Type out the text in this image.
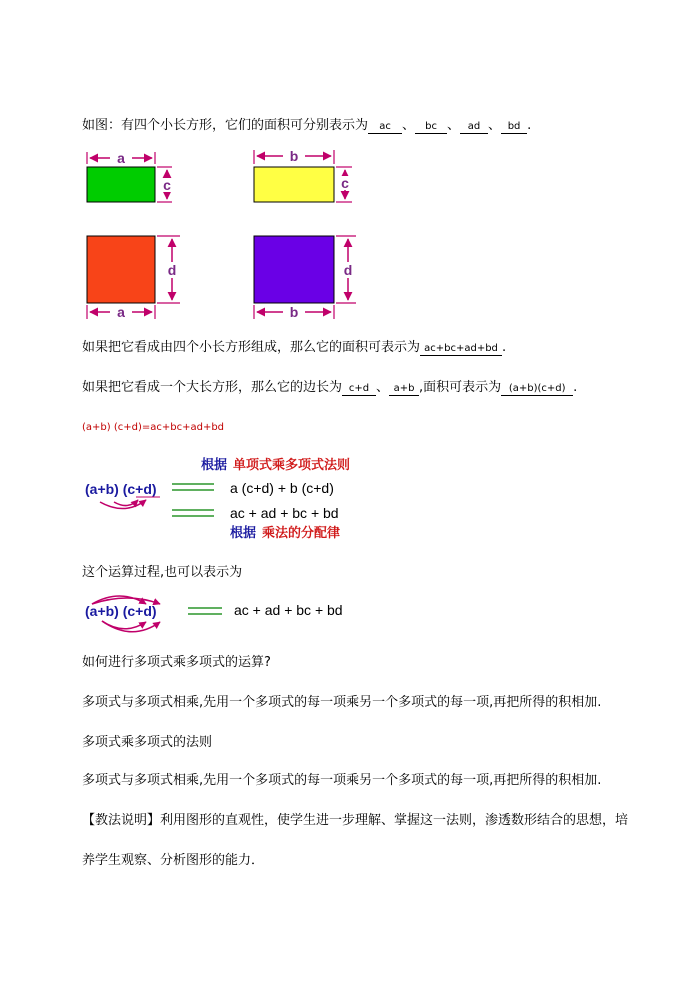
如图：有四个小长方形，它们的面积可分别表示为 ac 、 bc 、 ad 、 bd .
a
c
b
c
d
a
d
b
如果把它看成由四个小长方形组成，那么它的面积可表示为 ac+bc+ad+bd .
如果把它看成一个大长方形，那么它的边长为 c+d 、 a+b ,面积可表示为 (a+b)(c+d) .
(a+b) (c+d)=ac+bc+ad+bd
根据 单项式乘多项式法则
(a+b) (c+d)	a (c+d) + b (c+d)
ac + ad + bc + bd
根据 乘法的分配律
这个运算过程,也可以表示为
(a+b) (c+d)	ac + ad + bc + bd
如何进行多项式乘多项式的运算?
多项式与多项式相乘,先用一个多项式的每一项乘另一个多项式的每一项,再把所得的积相加.
多项式乘多项式的法则
多项式与多项式相乘,先用一个多项式的每一项乘另一个多项式的每一项,再把所得的积相加.
【教法说明】利用图形的直观性，使学生进一步理解、掌握这一法则，渗透数形结合的思想，培
养学生观察、分析图形的能力．
